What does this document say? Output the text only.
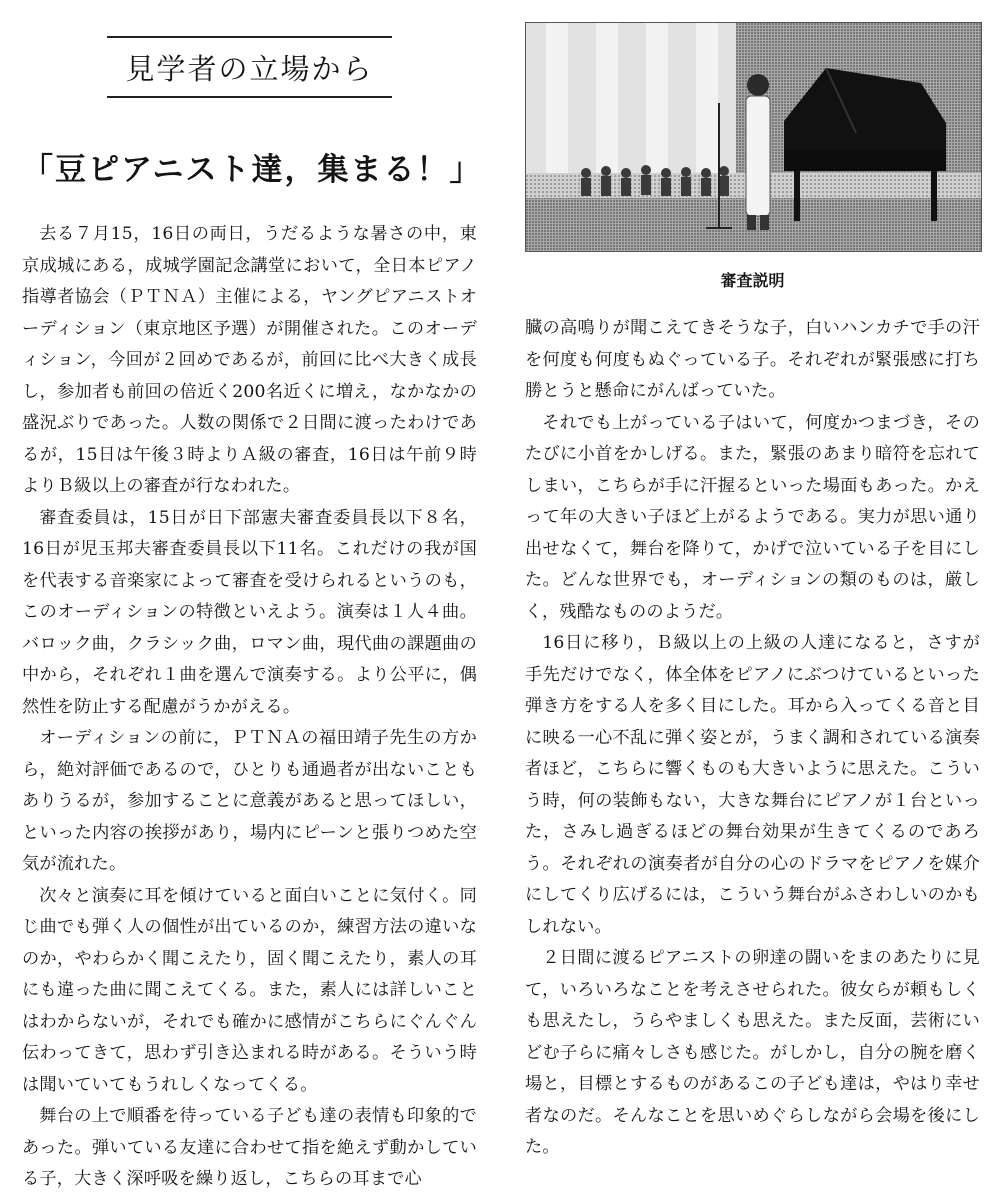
見学者の立場から
「豆ピアニスト達，集まる！」

去る７月15，16日の両日，うだるような暑さの中，東京成城にある，成城学園記念講堂において，全日本ピアノ指導者協会（ＰＴＮＡ）主催による，ヤングピアニストオーディション（東京地区予選）が開催された。このオーディション，今回が２回めであるが，前回に比べ大きく成長し，参加者も前回の倍近く200名近くに増え，なかなかの盛況ぶりであった。人数の関係で２日間に渡ったわけであるが，15日は午後３時よりＡ級の審査，16日は午前９時よりＢ級以上の審査が行なわれた。

審査委員は，15日が日下部憲夫審査委員長以下８名，16日が児玉邦夫審査委員長以下11名。これだけの我が国を代表する音楽家によって審査を受けられるというのも，このオーディションの特徴といえよう。演奏は１人４曲。バロック曲，クラシック曲，ロマン曲，現代曲の課題曲の中から，それぞれ１曲を選んで演奏する。より公平に，偶然性を防止する配慮がうかがえる。

オーディションの前に，ＰＴＮＡの福田靖子先生の方から，絶対評価であるので，ひとりも通過者が出ないこともありうるが，参加することに意義があると思ってほしい，といった内容の挨拶があり，場内にピーンと張りつめた空気が流れた。

次々と演奏に耳を傾けていると面白いことに気付く。同じ曲でも弾く人の個性が出ているのか，練習方法の違いなのか，やわらかく聞こえたり，固く聞こえたり，素人の耳にも違った曲に聞こえてくる。また，素人には詳しいことはわからないが，それでも確かに感情がこちらにぐんぐん伝わってきて，思わず引き込まれる時がある。そういう時は聞いていてもうれしくなってくる。

舞台の上で順番を待っている子ども達の表情も印象的であった。弾いている友達に合わせて指を絶えず動かしている子，大きく深呼吸を繰り返し，こちらの耳まで心

審査説明

臓の高鳴りが聞こえてきそうな子，白いハンカチで手の汗を何度も何度もぬぐっている子。それぞれが緊張感に打ち勝とうと懸命にがんばっていた。

それでも上がっている子はいて，何度かつまづき，そのたびに小首をかしげる。また，緊張のあまり暗符を忘れてしまい，こちらが手に汗握るといった場面もあった。かえって年の大きい子ほど上がるようである。実力が思い通り出せなくて，舞台を降りて，かげで泣いている子を目にした。どんな世界でも，オーディションの類のものは，厳しく，残酷なもののようだ。

16日に移り，Ｂ級以上の上級の人達になると，さすが手先だけでなく，体全体をピアノにぶつけているといった弾き方をする人を多く目にした。耳から入ってくる音と目に映る一心不乱に弾く姿とが，うまく調和されている演奏者ほど，こちらに響くものも大きいように思えた。こういう時，何の装飾もない，大きな舞台にピアノが１台といった，さみし過ぎるほどの舞台効果が生きてくるのであろう。それぞれの演奏者が自分の心のドラマをピアノを媒介にしてくり広げるには，こういう舞台がふさわしいのかもしれない。

２日間に渡るピアニストの卵達の闘いをまのあたりに見て，いろいろなことを考えさせられた。彼女らが頼もしくも思えたし，うらやましくも思えた。また反面，芸術にいどむ子らに痛々しさも感じた。がしかし，自分の腕を磨く場と，目標とするものがあるこの子ども達は，やはり幸せ者なのだ。そんなことを思いめぐらしながら会場を後にした。
